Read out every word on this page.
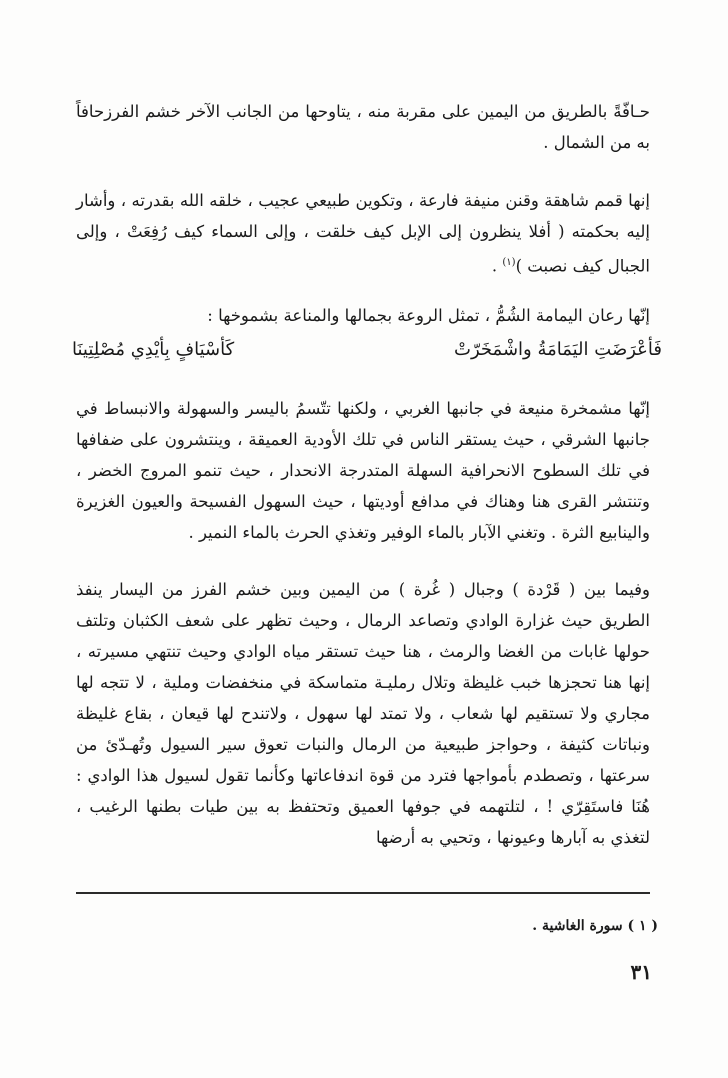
حـافّةً بالطريق من اليمين على مقربة منه ، يتاوحها من الجانب الآخر خشم الفرزحافاً به من الشمال .

إنها قمم شاهقة وقنن منيفة فارعة ، وتكوين طبيعي عجيب ، خلقه الله بقدرته ، وأشار إليه بحكمته ( أفلا ينظرون إلى الإبل كيف خلقت ، وإلى السماء كيف رُفِعَتْ ، وإلى الجبال كيف نصبت )$^{(١)}$ .

إنّها رعان اليمامة الشُمُّ ، تمثل الروعة بجمالها والمناعة بشموخها :

فَأعْرَضَتِ اليَمَامَةُ واشْمَخَرّتْ
كَأسْيَافٍ بِأيْدِي مُصْلِتِينَا

إنّها مشمخرة منيعة في جانبها الغربي ، ولكنها تتّسمُ باليسر والسهولة والانبساط في جانبها الشرقي ، حيث يستقر الناس في تلك الأودية العميقة ، وينتشرون على ضفافها في تلك السطوح الانحرافية السهلة المتدرجة الانحدار ، حيث تنمو المروج الخضر ، وتنتشر القرى هنا وهناك في مدافع أوديتها ، حيث السهول الفسيحة والعيون الغزيرة والينابيع الثرة . وتغني الآبار بالماء الوفير وتغذي الحرث بالماء النمير .

وفيما بين ( قَرْدة ) وجبال ( غُرة ) من اليمين وبين خشم الفرز من اليسار ينفذ الطريق حيث غزارة الوادي وتصاعد الرمال ، وحيث تظهر على شعف الكثبان وتلتف حولها غابات من الغضا والرمث ، هنا حيث تستقر مياه الوادي وحيث تنتهي مسيرته ، إنها هنا تحجزها خبب غليظة وتلال رمليـة متماسكة في منخفضات وملية ، لا تتجه لها مجاري ولا تستقيم لها شعاب ، ولا تمتد لها سهول ، ولاتندح لها قيعان ، بقاع غليظة ونباتات كثيفة ، وحواجز طبيعية من الرمال والنبات تعوق سير السيول وتُهـدّئ من سرعتها ، وتصطدم بأمواجها فترد من قوة اندفاعاتها وكأنما تقول لسيول هذا الوادي : هُنَا فاستَقِرّي ! ، لتلتهمه في جوفها العميق وتحتفظ به بين طيات بطنها الرغيب ، لتغذي به آبارها وعيونها ، وتحيي به أرضها

( ١ ) سورة الغاشية .
٣١
